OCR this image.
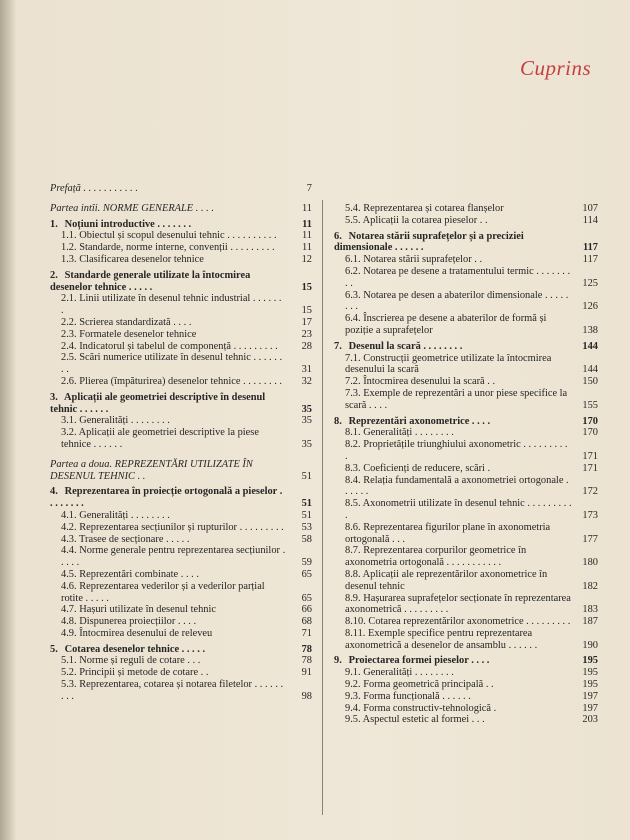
Cuprins
Prefață . . . . . . . . . . .	7
Partea intîi. NORME GENERALE . . . .	11
1. Noțiuni introductive . . . . . . .	11
1.1. Obiectul și scopul desenului tehnic . . . . . . . . . .	11
1.2. Standarde, norme interne, convenții . . . . . . . . .	11
1.3. Clasificarea desenelor tehnice	12
2. Standarde generale utilizate la întocmirea desenelor tehnice . . . . .	15
2.1. Linii utilizate în desenul tehnic industrial . . . . . . .	15
2.2. Scrierea standardizată . . . .	17
2.3. Formatele desenelor tehnice	23
2.4. Indicatorul și tabelul de componență . . . . . . . . .	28
2.5. Scări numerice utilizate în desenul tehnic . . . . . . . .	31
2.6. Plierea (împăturirea) desenelor tehnice . . . . . . . .	32
3. Aplicații ale geometriei descriptive în desenul tehnic . . . . . .	35
3.1. Generalități . . . . . . . .	35
3.2. Aplicații ale geometriei descriptive la piese tehnice . . . . . .	35
Partea a doua. REPREZENTĂRI UTILIZATE ÎN DESENUL TEHNIC . .	51
4. Reprezentarea în proiecție ortogonală a pieselor . . . . . . . .	51
4.1. Generalități . . . . . . . .	51
4.2. Reprezentarea secțiunilor și rupturilor . . . . . . . . . 53
4.3. Traseе de secționare . . . . .	58
4.4. Norme generale pentru reprezentarea secțiunilor . . . . .	59
4.5. Reprezentări combinate . . . .	65
4.6. Reprezentarea vederilor și a vederilor parțial rotite . . . . .	65
4.7. Hașuri utilizate în desenul tehnic	66
4.8. Dispunerea proiecțiilor . . . .	68
4.9. Întocmirea desenului de releveu	71
5. Cotarea desenelor tehnice . . . . .	78
5.1. Norme și reguli de cotare . . .	78
5.2. Principii și metode de cotare . .	91
5.3. Reprezentarea, cotarea și notarea filetelor . . . . . . . . .	98
5.4. Reprezentarea și cotarea flanșelor	107
5.5. Aplicații la cotarea pieselor . .	114
6. Notarea stării suprafețelor și a preciziei dimensionale . . . . . .	117
6.1. Notarea stării suprafețelor . .	117
6.2. Notarea pe desene a tratamentului termic . . . . . . . . .	125
6.3. Notarea pe desen a abaterilor dimensionale . . . . . . . .	126
6.4. Înscrierea pe desene a abaterilor de formă și poziție a suprafețelor	138
7. Desenul la scară . . . . . . . .	144
7.1. Construcții geometrice utilizate la întocmirea desenului la scară	144
7.2. Întocmirea desenului la scară . .	150
7.3. Exemple de reprezentări a unor piese specifice la scară . . . .	155
8. Reprezentări axonometrice . . . .	170
8.1. Generalități . . . . . . . .	170
8.2. Proprietățile triunghiului axonometric . . . . . . . . . .	171
8.3. Coeficienți de reducere, scări .	171
8.4. Relația fundamentală a axonometriei ortogonale . . . . . .	172
8.5. Axonometrii utilizate în desenul tehnic . . . . . . . . . .	173
8.6. Reprezentarea figurilor plane în axonometria ortogonală . . .	177
8.7. Reprezentarea corpurilor geometrice în axonometria ortogonală . . . . . . . . . . .	180
8.8. Aplicații ale reprezentărilor axonometrice în desenul tehnic	182
8.9. Hașurarea suprafețelor secționate în reprezentarea axonometrică . . . . . . . . .	183
8.10. Cotarea reprezentărilor axonometrice . . . . . . . . . 187
8.11. Exemple specifice pentru reprezentarea axonometrică a desenelor de ansamblu . . . . . .	190
9. Proiectarea formei pieselor . . . .	195
9.1. Generalități . . . . . . . .	195
9.2. Forma geometrică principală . .	195
9.3. Forma funcțională . . . . . .	197
9.4. Forma constructiv-tehnologică .	197
9.5. Aspectul estetic al formei . . .	203
